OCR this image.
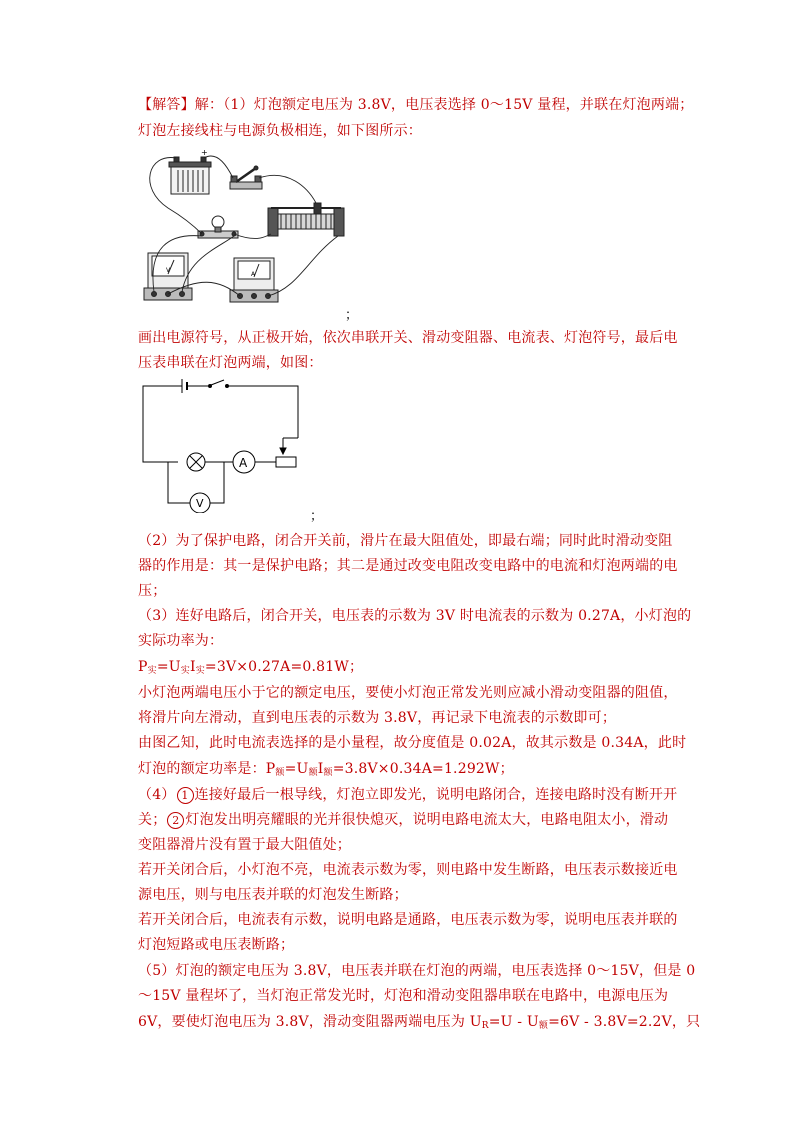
【解答】解：（1）灯泡额定电压为 3.8V，电压表选择 0～15V 量程，并联在灯泡两端；
灯泡左接线柱与电源负极相连，如下图所示：
+
V
A
；
画出电源符号，从正极开始，依次串联开关、滑动变阻器、电流表、灯泡符号，最后电
压表串联在灯泡两端，如图：
A
V
；
（2）为了保护电路，闭合开关前，滑片在最大阻值处，即最右端；同时此时滑动变阻
器的作用是：其一是保护电路；其二是通过改变电阻改变电路中的电流和灯泡两端的电
压；
（3）连好电路后，闭合开关，电压表的示数为 3V 时电流表的示数为 0.27A，小灯泡的
实际功率为：
$P_实=U_实I_实=3V\times 0.27A=0.81W$；
小灯泡两端电压小于它的额定电压，要使小灯泡正常发光则应减小滑动变阻器的阻值，
将滑片向左滑动，直到电压表的示数为 3.8V，再记录下电流表的示数即可；
由图乙知，此时电流表选择的是小量程，故分度值是 0.02A，故其示数是 0.34A，此时
灯泡的额定功率是：$P_额=U_额I_额=3.8V\times 0.34A=1.292W$；
（4） 1 连接好最后一根导线，灯泡立即发光，说明电路闭合，连接电路时没有断开开
关； 2 灯泡发出明亮耀眼的光并很快熄灭，说明电路电流太大，电路电阻太小，滑动
变阻器滑片没有置于最大阻值处；
若开关闭合后，小灯泡不亮，电流表示数为零，则电路中发生断路，电压表示数接近电
源电压，则与电压表并联的灯泡发生断路；
若开关闭合后，电流表有示数，说明电路是通路，电压表示数为零，说明电压表并联的
灯泡短路或电压表断路；
（5）灯泡的额定电压为 3.8V，电压表并联在灯泡的两端，电压表选择 0～15V，但是 0
～15V 量程坏了，当灯泡正常发光时，灯泡和滑动变阻器串联在电路中，电源电压为
6V，要使灯泡电压为 3.8V，滑动变阻器两端电压为 $U_R=U - U_额=6V - 3.8V=2.2V$，只
